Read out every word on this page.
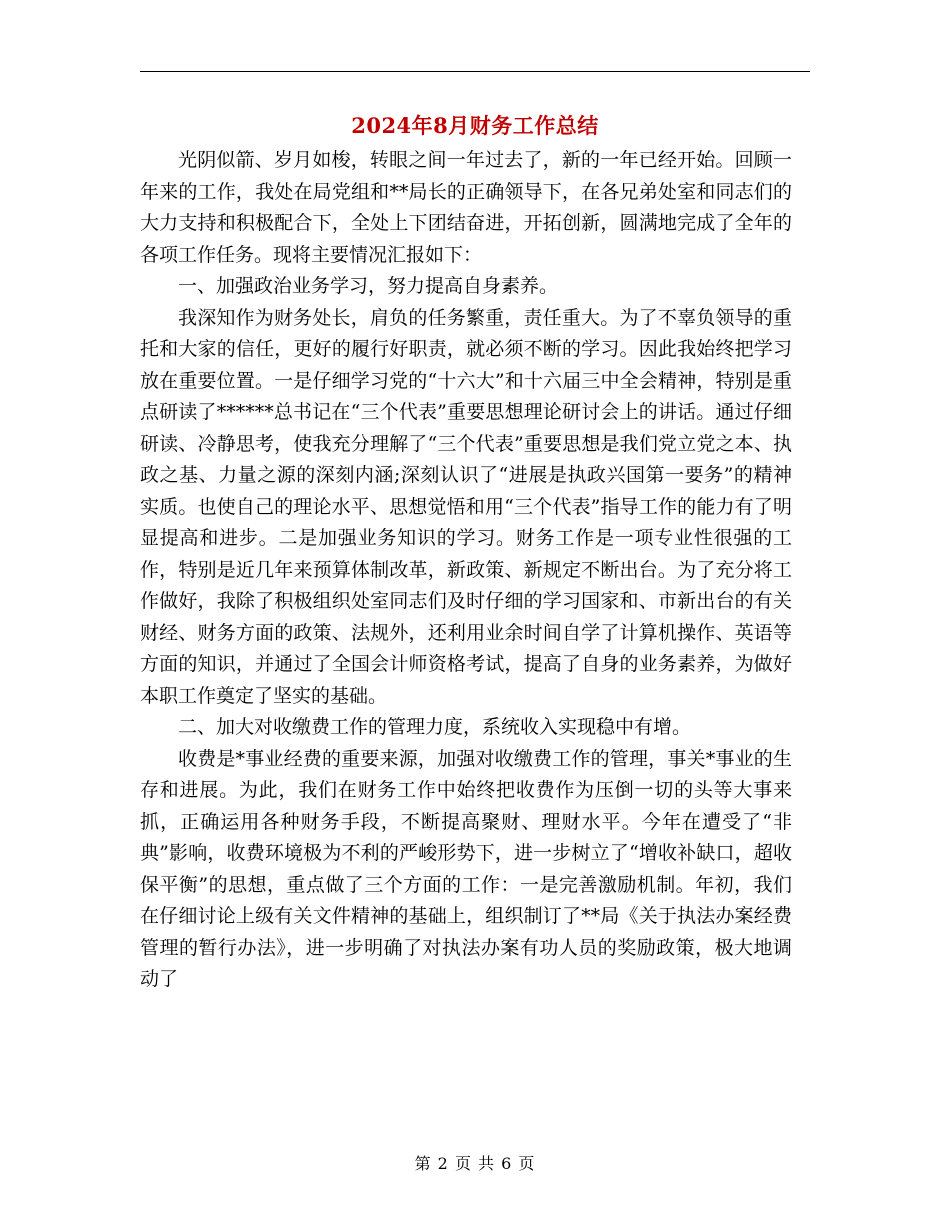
2024年8月财务工作总结

光阴似箭、岁月如梭，转眼之间一年过去了，新的一年已经开始。回顾一年来的工作，我处在局党组和**局长的正确领导下，在各兄弟处室和同志们的大力支持和积极配合下，全处上下团结奋进，开拓创新，圆满地完成了全年的各项工作任务。现将主要情况汇报如下：

一、加强政治业务学习，努力提高自身素养。

我深知作为财务处长，肩负的任务繁重，责任重大。为了不辜负领导的重托和大家的信任，更好的履行好职责，就必须不断的学习。因此我始终把学习放在重要位置。一是仔细学习党的“十六大”和十六届三中全会精神，特别是重点研读了******总书记在“三个代表”重要思想理论研讨会上的讲话。通过仔细研读、冷静思考，使我充分理解了“三个代表”重要思想是我们党立党之本、执政之基、力量之源的深刻内涵;深刻认识了“进展是执政兴国第一要务”的精神实质。也使自己的理论水平、思想觉悟和用“三个代表”指导工作的能力有了明显提高和进步。二是加强业务知识的学习。财务工作是一项专业性很强的工作，特别是近几年来预算体制改革，新政策、新规定不断出台。为了充分将工作做好，我除了积极组织处室同志们及时仔细的学习国家和、市新出台的有关财经、财务方面的政策、法规外，还利用业余时间自学了计算机操作、英语等方面的知识，并通过了全国会计师资格考试，提高了自身的业务素养，为做好本职工作奠定了坚实的基础。

二、加大对收缴费工作的管理力度，系统收入实现稳中有增。

收费是*事业经费的重要来源，加强对收缴费工作的管理，事关*事业的生存和进展。为此，我们在财务工作中始终把收费作为压倒一切的头等大事来抓，正确运用各种财务手段，不断提高聚财、理财水平。今年在遭受了“非典”影响，收费环境极为不利的严峻形势下，进一步树立了“增收补缺口，超收保平衡”的思想，重点做了三个方面的工作：一是完善激励机制。年初，我们在仔细讨论上级有关文件精神的基础上，组织制订了**局《关于执法办案经费管理的暂行办法》，进一步明确了对执法办案有功人员的奖励政策，极大地调动了

第 2 页 共 6 页
